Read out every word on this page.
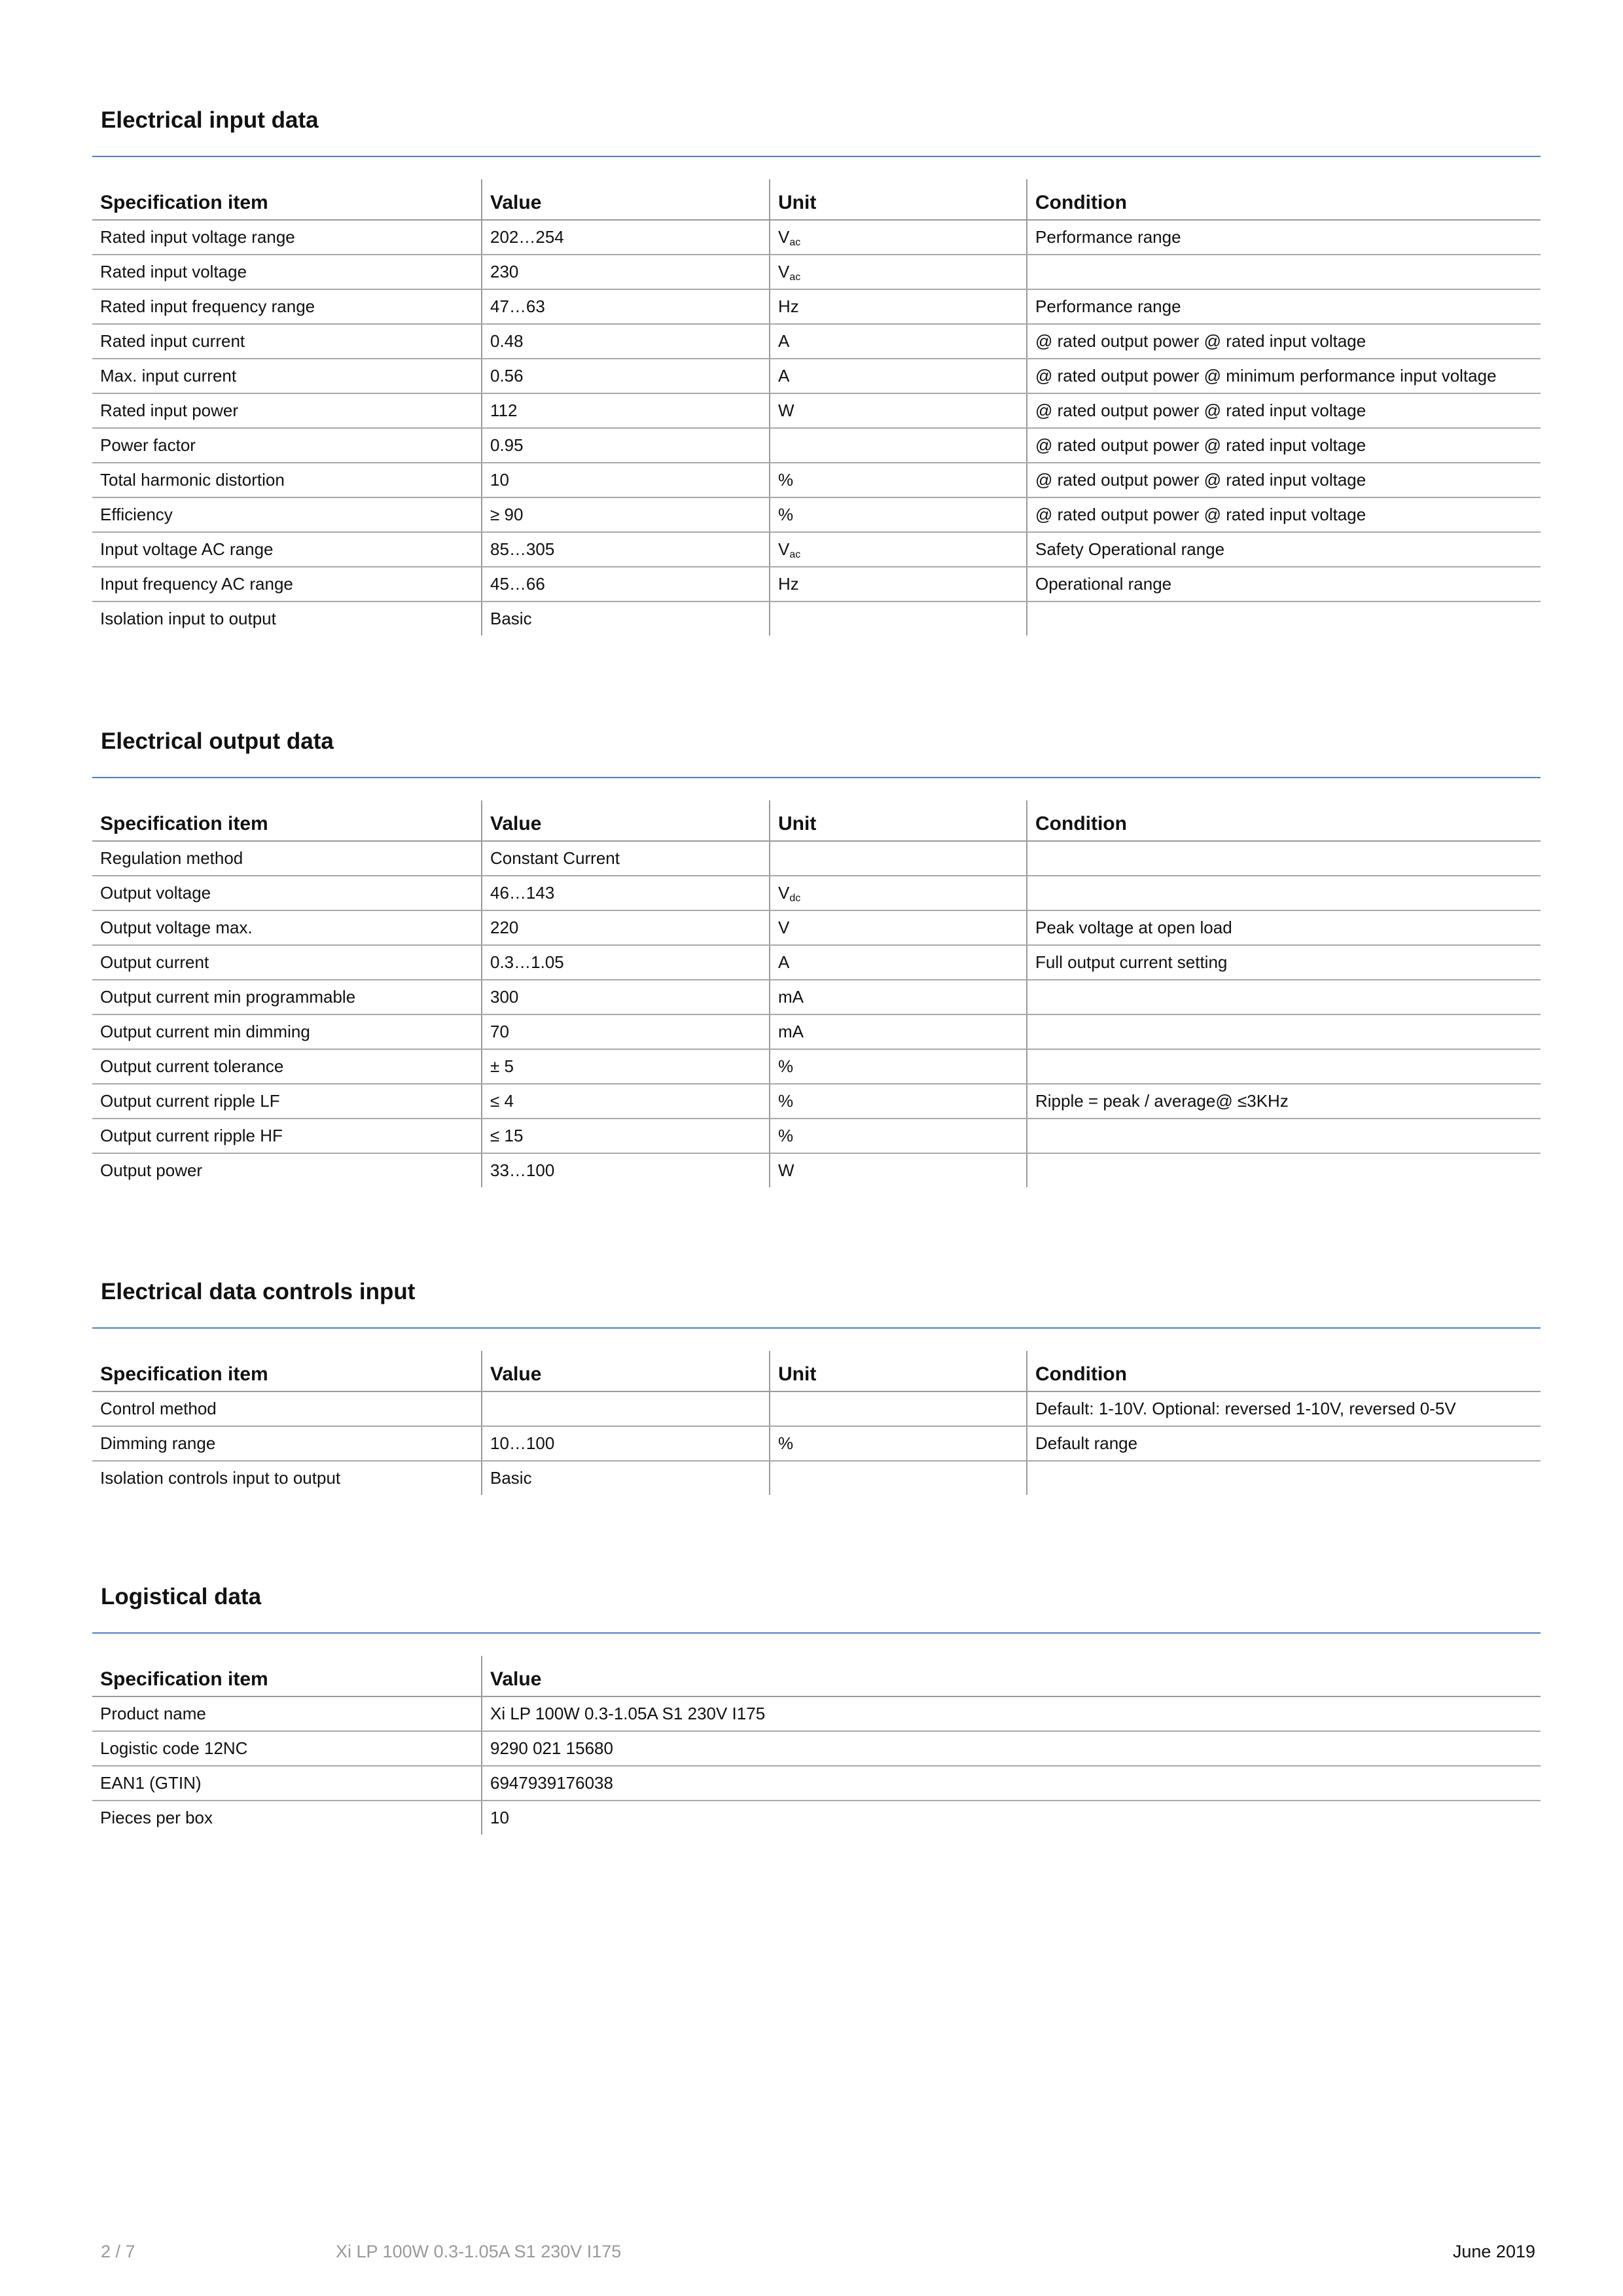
Electrical input data
Specification item	Value	Unit	Condition
Rated input voltage range	202…254	$V_{ac}$	Performance range
Rated input voltage	230	$V_{ac}$	
Rated input frequency range	47…63	Hz	Performance range
Rated input current	0.48	A	@ rated output power @ rated input voltage
Max. input current	0.56	A	@ rated output power @ minimum performance input voltage
Rated input power	112	W	@ rated output power @ rated input voltage
Power factor	0.95		@ rated output power @ rated input voltage
Total harmonic distortion	10	%	@ rated output power @ rated input voltage
Efficiency	≥ 90	%	@ rated output power @ rated input voltage
Input voltage AC range	85…305	$V_{ac}$	Safety Operational range
Input frequency AC range	45…66	Hz	Operational range
Isolation input to output	Basic		
Electrical output data
Specification item	Value	Unit	Condition
Regulation method	Constant Current		
Output voltage	46…143	$V_{dc}$	
Output voltage max.	220	V	Peak voltage at open load
Output current	0.3…1.05	A	Full output current setting
Output current min programmable	300	mA	
Output current min dimming	70	mA	
Output current tolerance	± 5	%	
Output current ripple LF	≤ 4	%	Ripple = peak / average@ ≤3KHz
Output current ripple HF	≤ 15	%	
Output power	33…100	W	
Electrical data controls input
Specification item	Value	Unit	Condition
Control method			Default: 1-10V. Optional: reversed 1-10V, reversed 0-5V
Dimming range	10…100	%	Default range
Isolation controls input to output	Basic		
Logistical data
Specification item	Value
Product name	Xi LP 100W 0.3-1.05A S1 230V I175
Logistic code 12NC	9290 021 15680
EAN1 (GTIN)	6947939176038
Pieces per box	10
2 / 7	Xi LP 100W 0.3-1.05A S1 230V I175	June 2019
